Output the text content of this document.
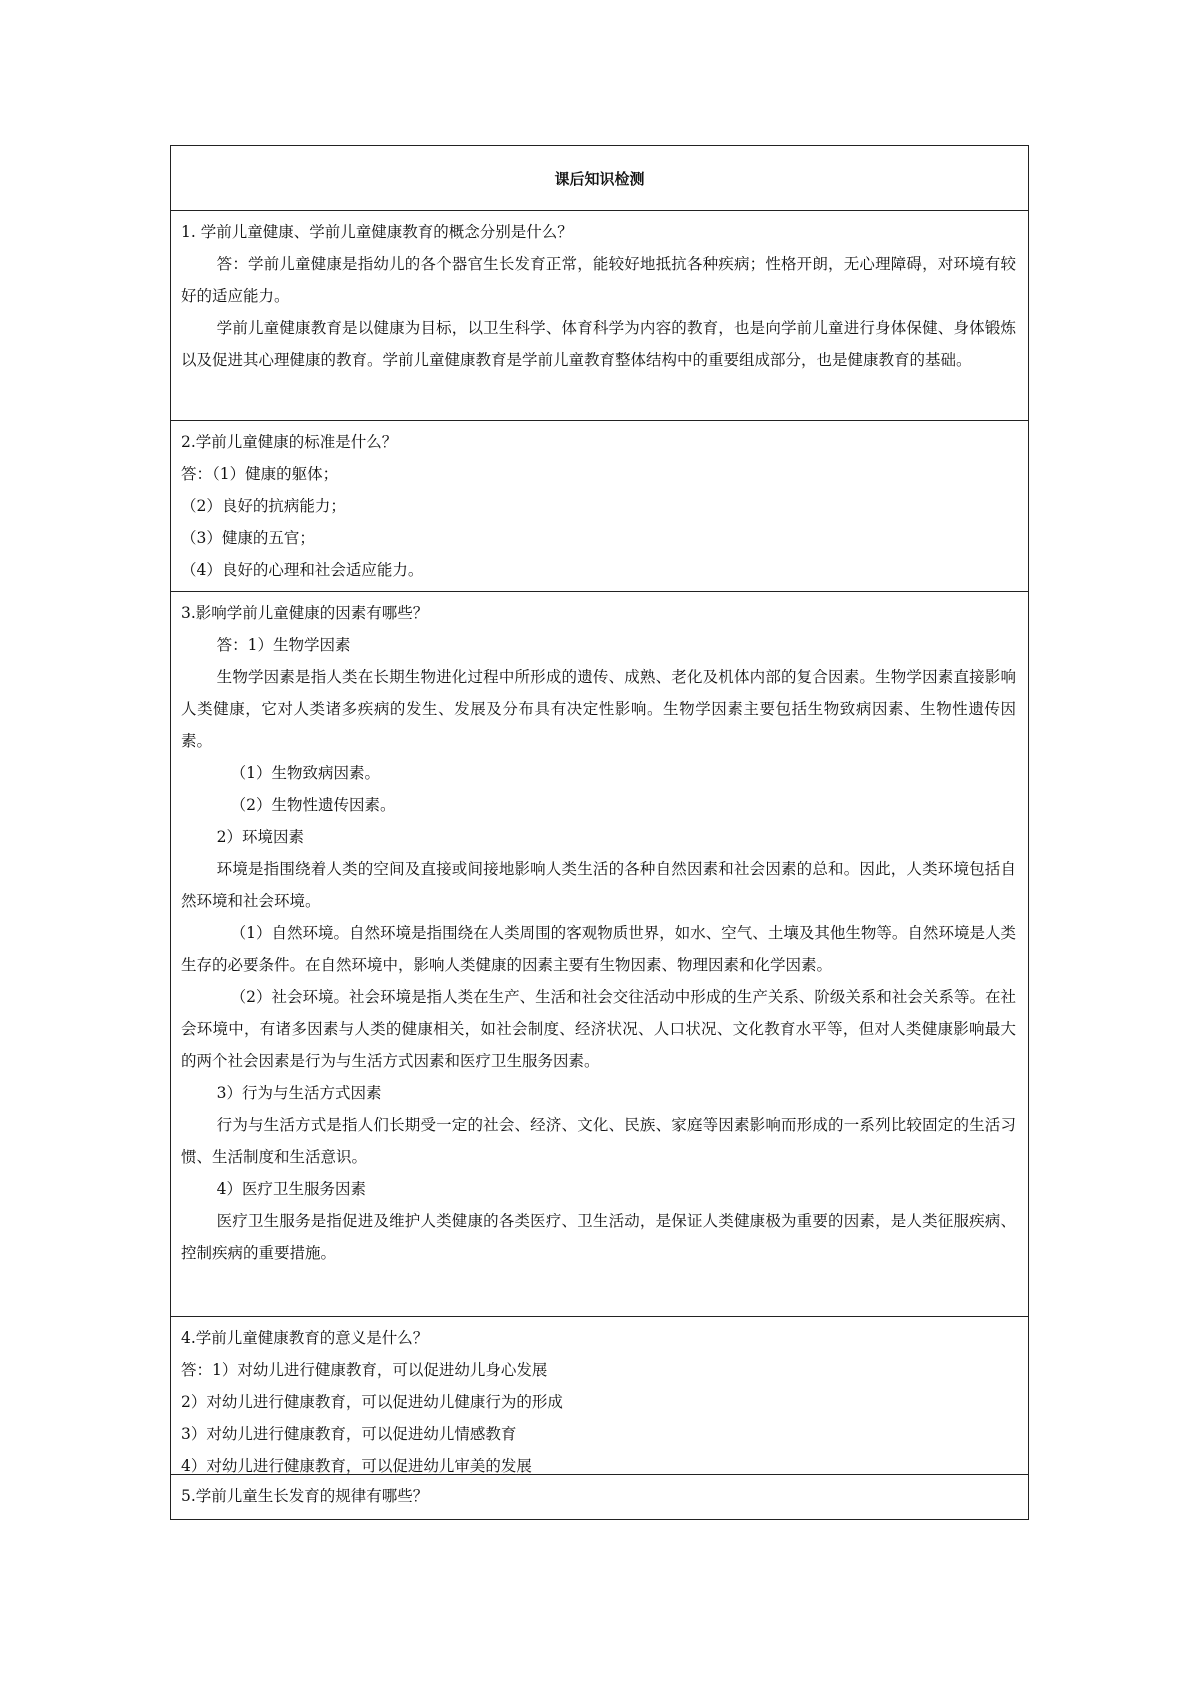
课后知识检测

1. 学前儿童健康、学前儿童健康教育的概念分别是什么？

答：学前儿童健康是指幼儿的各个器官生长发育正常，能较好地抵抗各种疾病；性格开朗，无心理障碍，对环境有较好的适应能力。

学前儿童健康教育是以健康为目标，以卫生科学、体育科学为内容的教育，也是向学前儿童进行身体保健、身体锻炼以及促进其心理健康的教育。学前儿童健康教育是学前儿童教育整体结构中的重要组成部分，也是健康教育的基础。

2.学前儿童健康的标准是什么？

答：（1）健康的躯体；

（2）良好的抗病能力；

（3）健康的五官；

（4）良好的心理和社会适应能力。

3.影响学前儿童健康的因素有哪些？

答：1）生物学因素

生物学因素是指人类在长期生物进化过程中所形成的遗传、成熟、老化及机体内部的复合因素。生物学因素直接影响人类健康，它对人类诸多疾病的发生、发展及分布具有决定性影响。生物学因素主要包括生物致病因素、生物性遗传因素。

（1）生物致病因素。

（2）生物性遗传因素。

2）环境因素

环境是指围绕着人类的空间及直接或间接地影响人类生活的各种自然因素和社会因素的总和。因此，人类环境包括自然环境和社会环境。

（1）自然环境。自然环境是指围绕在人类周围的客观物质世界，如水、空气、土壤及其他生物等。自然环境是人类生存的必要条件。在自然环境中，影响人类健康的因素主要有生物因素、物理因素和化学因素。

（2）社会环境。社会环境是指人类在生产、生活和社会交往活动中形成的生产关系、阶级关系和社会关系等。在社会环境中，有诸多因素与人类的健康相关，如社会制度、经济状况、人口状况、文化教育水平等，但对人类健康影响最大的两个社会因素是行为与生活方式因素和医疗卫生服务因素。

3）行为与生活方式因素

行为与生活方式是指人们长期受一定的社会、经济、文化、民族、家庭等因素影响而形成的一系列比较固定的生活习惯、生活制度和生活意识。

4）医疗卫生服务因素

医疗卫生服务是指促进及维护人类健康的各类医疗、卫生活动，是保证人类健康极为重要的因素，是人类征服疾病、控制疾病的重要措施。

4.学前儿童健康教育的意义是什么？

答：1）对幼儿进行健康教育，可以促进幼儿身心发展

2）对幼儿进行健康教育，可以促进幼儿健康行为的形成

3）对幼儿进行健康教育，可以促进幼儿情感教育

4）对幼儿进行健康教育，可以促进幼儿审美的发展

5.学前儿童生长发育的规律有哪些？
